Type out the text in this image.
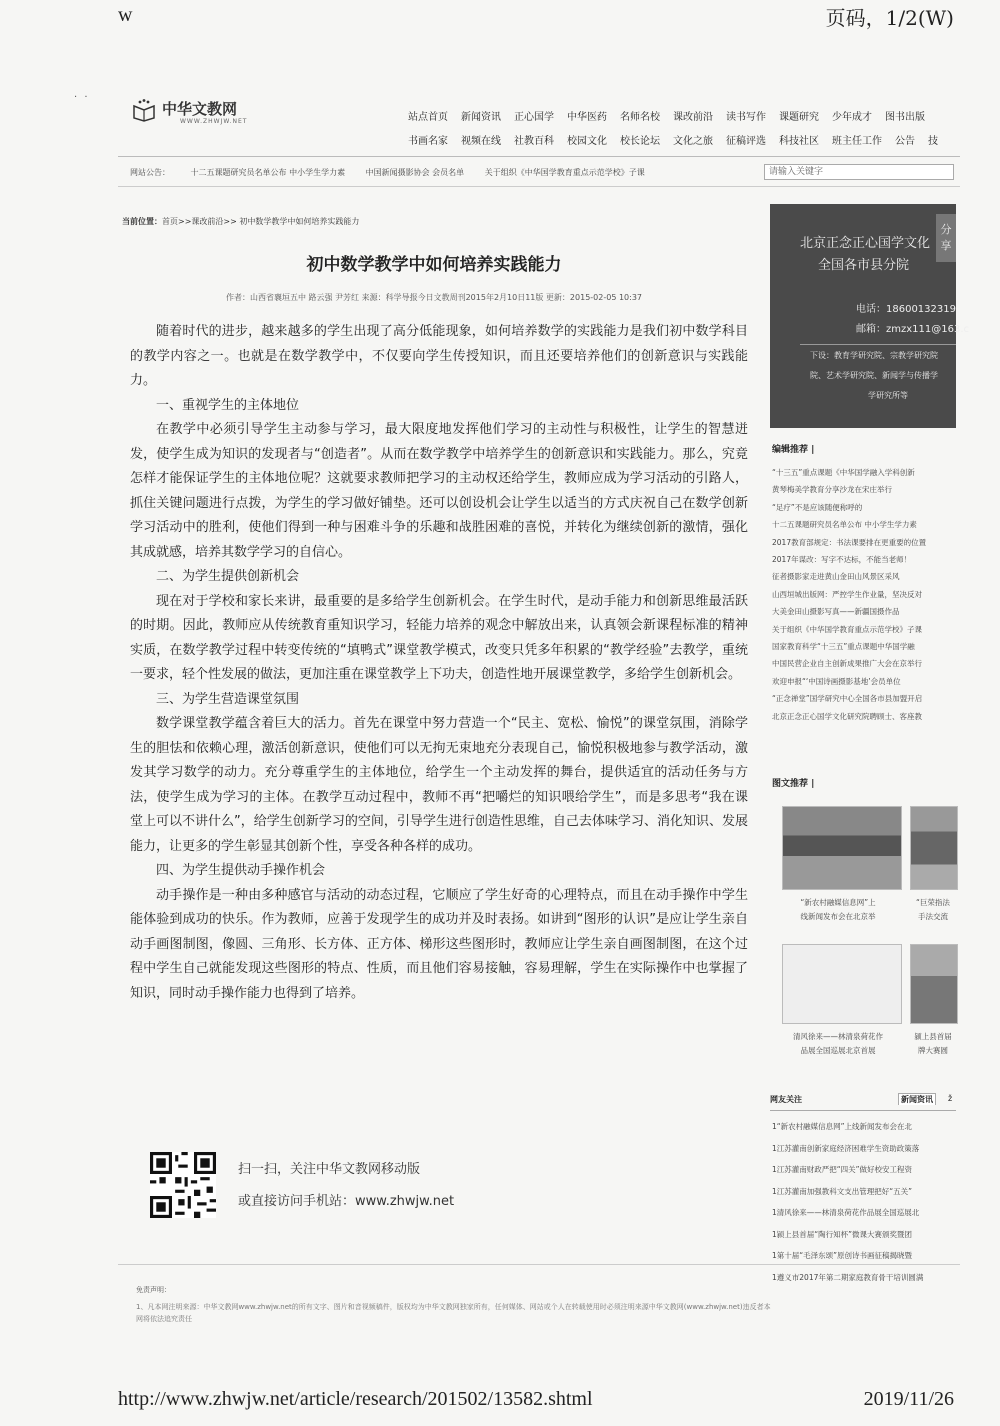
w	页码，1/2(W)
· ·
中华文教网
WWW.ZHWJW.NET	站点首页 新闻资讯 正心国学 中华医药 名师名校 课改前沿 读书写作 课题研究 少年成才 图书出版
书画名家 视频在线 社教百科 校园文化 校长论坛 文化之旅 征稿评选 科技社区 班主任工作 公告 技
网站公告：	十二五课题研究员名单公布 中小学生学力素	中国新闻摄影协会 会员名单	关于组织《中华国学教育重点示范学校》子课	请输入关键字
当前位置：首页>>课改前沿>> 初中数学教学中如何培养实践能力
初中数学教学中如何培养实践能力
作者：山西省襄垣五中 路云强 尹芳红 来源：科学导报今日文教周刊2015年2月10日11版 更新：2015-02-05 10:37

随着时代的进步，越来越多的学生出现了高分低能现象，如何培养数学的实践能力是我们初中数学科目的教学内容之一。也就是在数学教学中，不仅要向学生传授知识，而且还要培养他们的创新意识与实践能力。

一、重视学生的主体地位

在教学中必须引导学生主动参与学习，最大限度地发挥他们学习的主动性与积极性，让学生的智慧迸发，使学生成为知识的发现者与“创造者”。从而在数学教学中培养学生的创新意识和实践能力。那么，究竟怎样才能保证学生的主体地位呢？这就要求教师把学习的主动权还给学生，教师应成为学习活动的引路人，抓住关键问题进行点拨，为学生的学习做好铺垫。还可以创设机会让学生以适当的方式庆祝自己在数学创新学习活动中的胜利，使他们得到一种与困难斗争的乐趣和战胜困难的喜悦，并转化为继续创新的激情，强化其成就感，培养其数学学习的自信心。

二、为学生提供创新机会

现在对于学校和家长来讲，最重要的是多给学生创新机会。在学生时代，是动手能力和创新思维最活跃的时期。因此，教师应从传统教育重知识学习，轻能力培养的观念中解放出来，认真领会新课程标准的精神实质，在数学教学过程中转变传统的“填鸭式”课堂教学模式，改变只凭多年积累的“教学经验”去教学，重统一要求，轻个性发展的做法，更加注重在课堂教学上下功夫，创造性地开展课堂教学，多给学生创新机会。

三、为学生营造课堂氛围

数学课堂教学蕴含着巨大的活力。首先在课堂中努力营造一个“民主、宽松、愉悦”的课堂氛围，消除学生的胆怯和依赖心理，激活创新意识，使他们可以无拘无束地充分表现自己，愉悦积极地参与教学活动，激发其学习数学的动力。充分尊重学生的主体地位，给学生一个主动发挥的舞台，提供适宜的活动任务与方法，使学生成为学习的主体。在教学互动过程中，教师不再“把嚼烂的知识喂给学生”，而是多思考“我在课堂上可以不讲什么”，给学生创新学习的空间，引导学生进行创造性思维，自己去体味学习、消化知识、发展能力，让更多的学生彰显其创新个性，享受各种各样的成功。

四、为学生提供动手操作机会

动手操作是一种由多种感官与活动的动态过程，它顺应了学生好奇的心理特点，而且在动手操作中学生能体验到成功的快乐。作为教师，应善于发现学生的成功并及时表扬。如讲到“图形的认识”是应让学生亲自动手画图制图，像圆、三角形、长方体、正方体、梯形这些图形时，教师应让学生亲自画图制图，在这个过程中学生自己就能发现这些图形的特点、性质，而且他们容易接触，容易理解，学生在实际操作中也掌握了知识，同时动手操作能力也得到了培养。

扫一扫，关注中华文教网移动版
或直接访问手机站：www.zhwjw.net
免责声明：
1、凡本网注明来源：中华文教网www.zhwjw.net的所有文字、图片和音视频稿件，版权均为中华文教网独家所有，任何媒体、网站或个人在转载使用时必须注明来源中华文教网(www.zhwjw.net)违反者本网将依法追究责任
北京正念正心国学文化
全国各市县分院
分享
电话：18600132319
邮箱：zmzx111@163.c
下设：教育学研究院、宗教学研究院
院、艺术学研究院、新闻学与传播学
学研究所等
编辑推荐 |
“十三五”重点课题《中华国学融入学科创新
黄琴梅美学教育分享沙龙在宋庄举行
“足疗”不是应该随便称呼的
十二五课题研究员名单公布 中小学生学力素
2017教育部规定：书法课要排在更重要的位置
2017年谋改：写字不达标，不能当老师！
征者摄影家走进黄山金田山风景区采风
山西垣城出版网：严控学生作业量，坚决反对
大美金田山摄影写真——新疆国摄作品
关于组织《中华国学教育重点示范学校》子课
国家教育科学“十三五”重点课题中华国学融
中国民营企业自主创新成果推广大会在京举行
欢迎申报“‘中国诗画摄影基地’会员单位
“正念禅堂”国学研究中心全国各市县加盟开启
北京正念正心国学文化研究院聘顾士、客座教
图文推荐 |
“新农村融媒信息网”上
线新闻发布会在北京举
“巨荣指法
手法交流
清风徐来——林清泉荷花作
品展全国巡展北京首展
颍上县首届
牌大赛圆
网友关注	新闻资讯	ž
1“新农村融媒信息网”上线新闻发布会在北
1江苏灌南创新家庭经济困难学生资助政策落
1江苏灌南财政严把“四关”做好校安工程资
1江苏灌南加强教科文支出管理把好“五关”
1清风徐来——林清泉荷花作品展全国巡展北
1颍上县首届“陶行知杯”微课大赛颁奖暨团
1第十届“毛泽东颂”原创诗书画征稿揭晓暨
1遵义市2017年第二期家庭教育骨干培训圆满
http://www.zhwjw.net/article/research/201502/13582.shtml	2019/11/26
